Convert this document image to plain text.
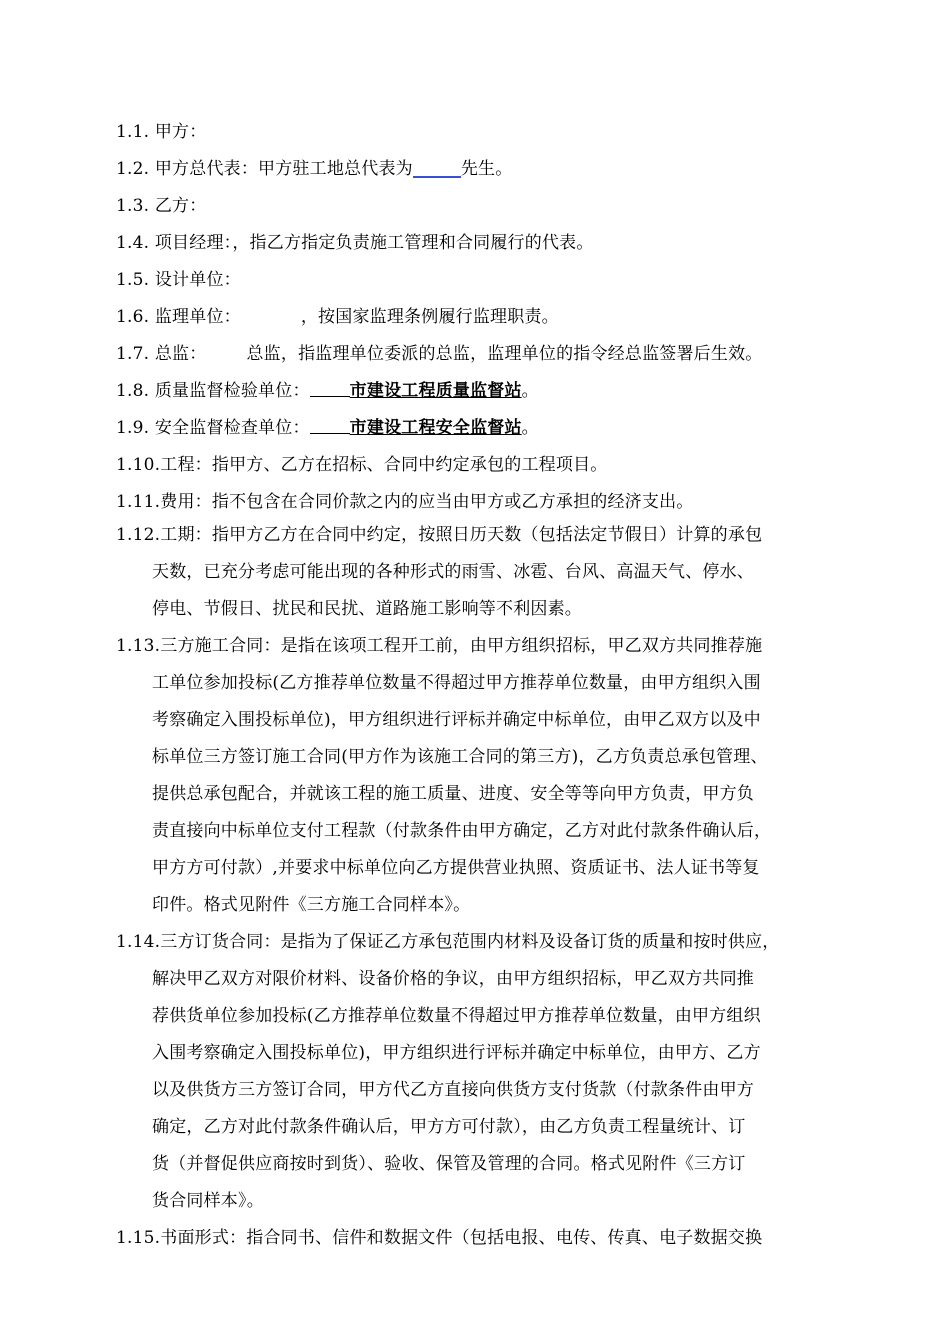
1.1. 甲方：
1.2. 甲方总代表：甲方驻工地总代表为	先生。
1.3. 乙方：
1.4. 项目经理：，指乙方指定负责施工管理和合同履行的代表。
1.5. 设计单位：
1.6. 监理单位：	，按国家监理条例履行监理职责。
1.7. 总监： 总监，指监理单位委派的总监，监理单位的指令经总监签署后生效。
1.8. 质量监督检验单位： 市建设工程质量监督站。
1.9. 安全监督检查单位： 市建设工程安全监督站。
1.10.工程：指甲方、乙方在招标、合同中约定承包的工程项目。
1.11.费用：指不包含在合同价款之内的应当由甲方或乙方承担的经济支出。
1.12.工期：指甲方乙方在合同中约定，按照日历天数（包括法定节假日）计算的承包
天数，已充分考虑可能出现的各种形式的雨雪、冰雹、台风、高温天气、停水、
停电、节假日、扰民和民扰、道路施工影响等不利因素。
1.13.三方施工合同：是指在该项工程开工前，由甲方组织招标，甲乙双方共同推荐施
工单位参加投标(乙方推荐单位数量不得超过甲方推荐单位数量，由甲方组织入围
考察确定入围投标单位)，甲方组织进行评标并确定中标单位，由甲乙双方以及中
标单位三方签订施工合同(甲方作为该施工合同的第三方)，乙方负责总承包管理、
提供总承包配合，并就该工程的施工质量、进度、安全等等向甲方负责，甲方负
责直接向中标单位支付工程款（付款条件由甲方确定，乙方对此付款条件确认后，
甲方方可付款）,并要求中标单位向乙方提供营业执照、资质证书、法人证书等复
印件。格式见附件《三方施工合同样本》。
1.14.三方订货合同：是指为了保证乙方承包范围内材料及设备订货的质量和按时供应，
解决甲乙双方对限价材料、设备价格的争议，由甲方组织招标，甲乙双方共同推
荐供货单位参加投标(乙方推荐单位数量不得超过甲方推荐单位数量，由甲方组织
入围考察确定入围投标单位)，甲方组织进行评标并确定中标单位，由甲方、乙方
以及供货方三方签订合同，甲方代乙方直接向供货方支付货款（付款条件由甲方
确定，乙方对此付款条件确认后，甲方方可付款），由乙方负责工程量统计、订
货（并督促供应商按时到货）、验收、保管及管理的合同。格式见附件《三方订
货合同样本》。
1.15.书面形式：指合同书、信件和数据文件（包括电报、电传、传真、电子数据交换
